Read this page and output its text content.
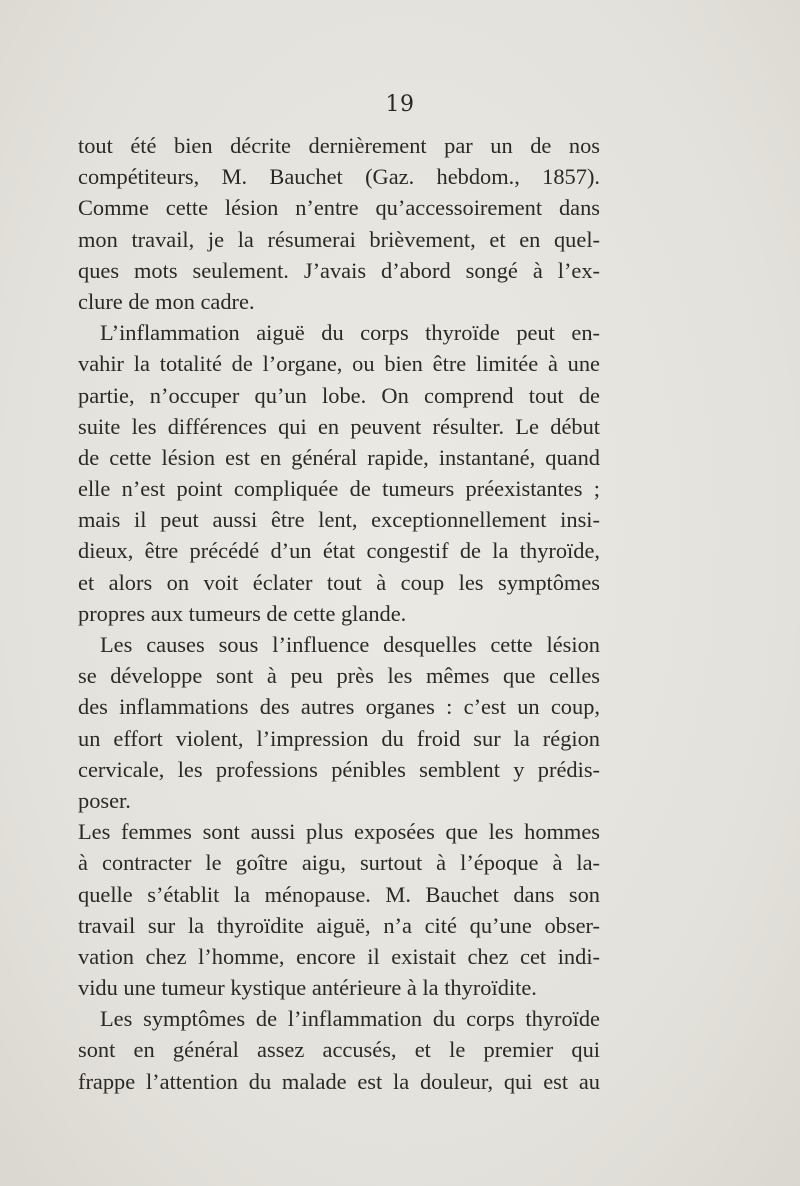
19
tout été bien décrite dernièrement par un de nos
compétiteurs, M. Bauchet (Gaz. hebdom., 1857).
Comme cette lésion n’entre qu’accessoirement dans
mon travail, je la résumerai brièvement, et en quel-
ques mots seulement. J’avais d’abord songé à l’ex-
clure de mon cadre.
L’inflammation aiguë du corps thyroïde peut en-
vahir la totalité de l’organe, ou bien être limitée à une
partie, n’occuper qu’un lobe. On comprend tout de
suite les différences qui en peuvent résulter. Le début
de cette lésion est en général rapide, instantané, quand
elle n’est point compliquée de tumeurs préexistantes ;
mais il peut aussi être lent, exceptionnellement insi-
dieux, être précédé d’un état congestif de la thyroïde,
et alors on voit éclater tout à coup les symptômes
propres aux tumeurs de cette glande.
Les causes sous l’influence desquelles cette lésion
se développe sont à peu près les mêmes que celles
des inflammations des autres organes : c’est un coup,
un effort violent, l’impression du froid sur la région
cervicale, les professions pénibles semblent y prédis-
poser.
Les femmes sont aussi plus exposées que les hommes
à contracter le goître aigu, surtout à l’époque à la-
quelle s’établit la ménopause. M. Bauchet dans son
travail sur la thyroïdite aiguë, n’a cité qu’une obser-
vation chez l’homme, encore il existait chez cet indi-
vidu une tumeur kystique antérieure à la thyroïdite.
Les symptômes de l’inflammation du corps thyroïde
sont en général assez accusés, et le premier qui
frappe l’attention du malade est la douleur, qui est au
